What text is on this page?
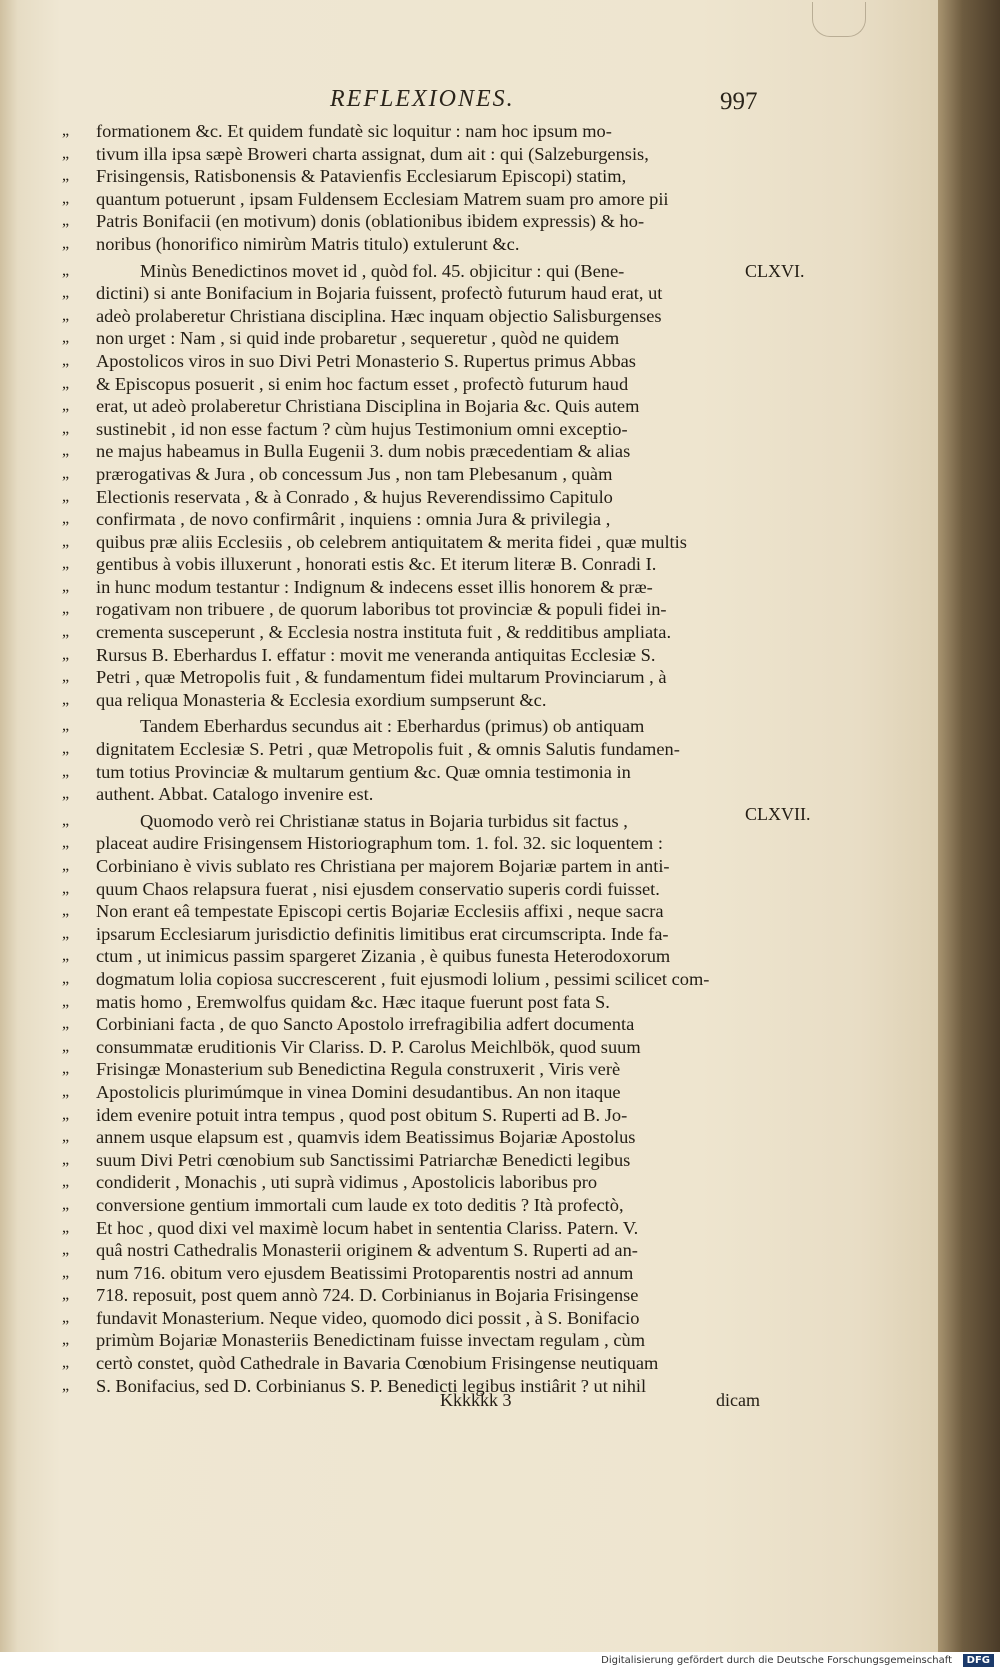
REFLEXIONES.	997
CLXVI.
CLXVII.
„	formationem &c. Et quidem fundatè sic loquitur : nam hoc ipsum mo-
„	tivum illa ipsa sæpè Broweri charta assignat, dum ait : qui (Salzeburgensis,
„	Frisingensis, Ratisbonensis & Patavienfis Ecclesiarum Episcopi) statim,
„	quantum potuerunt , ipsam Fuldensem Ecclesiam Matrem suam pro amore pii
„	Patris Bonifacii (en motivum) donis (oblationibus ibidem expressis) & ho-
„	noribus (honorifico nimirùm Matris titulo) extulerunt &c.
„	Minùs Benedictinos movet id , quòd fol. 45. objicitur : qui (Bene-
„	dictini) si ante Bonifacium in Bojaria fuissent, profectò futurum haud erat, ut
„	adeò prolaberetur Christiana disciplina. Hæc inquam objectio Salisburgenses
„	non urget : Nam , si quid inde probaretur , sequeretur , quòd ne quidem
„	Apostolicos viros in suo Divi Petri Monasterio S. Rupertus primus Abbas
„	& Episcopus posuerit , si enim hoc factum esset , profectò futurum haud
„	erat, ut adeò prolaberetur Christiana Disciplina in Bojaria &c. Quis autem
„	sustinebit , id non esse factum ? cùm hujus Testimonium omni exceptio-
„	ne majus habeamus in Bulla Eugenii 3. dum nobis præcedentiam & alias
„	prærogativas & Jura , ob concessum Jus , non tam Plebesanum , quàm
„	Electionis reservata , & à Conrado , & hujus Reverendissimo Capitulo
„	confirmata , de novo confirmârit , inquiens : omnia Jura & privilegia ,
„	quibus præ aliis Ecclesiis , ob celebrem antiquitatem & merita fidei , quæ multis
„	gentibus à vobis illuxerunt , honorati estis &c. Et iterum literæ B. Conradi I.
„	in hunc modum testantur : Indignum & indecens esset illis honorem & præ-
„	rogativam non tribuere , de quorum laboribus tot provinciæ & populi fidei in-
„	crementa susceperunt , & Ecclesia nostra instituta fuit , & redditibus ampliata.
„	Rursus B. Eberhardus I. effatur : movit me veneranda antiquitas Ecclesiæ S.
„	Petri , quæ Metropolis fuit , & fundamentum fidei multarum Provinciarum , à
„	qua reliqua Monasteria & Ecclesia exordium sumpserunt &c.
„	Tandem Eberhardus secundus ait : Eberhardus (primus) ob antiquam
„	dignitatem Ecclesiæ S. Petri , quæ Metropolis fuit , & omnis Salutis fundamen-
„	tum totius Provinciæ & multarum gentium &c. Quæ omnia testimonia in
„	authent. Abbat. Catalogo invenire est.
„	Quomodo verò rei Christianæ status in Bojaria turbidus sit factus ,
„	placeat audire Frisingensem Historiographum tom. 1. fol. 32. sic loquentem :
„	Corbiniano è vivis sublato res Christiana per majorem Bojariæ partem in anti-
„	quum Chaos relapsura fuerat , nisi ejusdem conservatio superis cordi fuisset.
„	Non erant eâ tempestate Episcopi certis Bojariæ Ecclesiis affixi , neque sacra
„	ipsarum Ecclesiarum jurisdictio definitis limitibus erat circumscripta. Inde fa-
„	ctum , ut inimicus passim spargeret Zizania , è quibus funesta Heterodoxorum
„	dogmatum lolia copiosa succrescerent , fuit ejusmodi lolium , pessimi scilicet com-
„	matis homo , Eremwolfus quidam &c. Hæc itaque fuerunt post fata S.
„	Corbiniani facta , de quo Sancto Apostolo irrefragibilia adfert documenta
„	consummatæ eruditionis Vir Clariss. D. P. Carolus Meichlbök, quod suum
„	Frisingæ Monasterium sub Benedictina Regula construxerit , Viris verè
„	Apostolicis plurimúmque in vinea Domini desudantibus. An non itaque
„	idem evenire potuit intra tempus , quod post obitum S. Ruperti ad B. Jo-
„	annem usque elapsum est , quamvis idem Beatissimus Bojariæ Apostolus
„	suum Divi Petri cœnobium sub Sanctissimi Patriarchæ Benedicti legibus
„	condiderit , Monachis , uti suprà vidimus , Apostolicis laboribus pro
„	conversione gentium immortali cum laude ex toto deditis ? Ità profectò,
„	Et hoc , quod dixi vel maximè locum habet in sententia Clariss. Patern. V.
„	quâ nostri Cathedralis Monasterii originem & adventum S. Ruperti ad an-
„	num 716. obitum vero ejusdem Beatissimi Protoparentis nostri ad annum
„	718. reposuit, post quem annò 724. D. Corbinianus in Bojaria Frisingense
„	fundavit Monasterium. Neque video, quomodo dici possit , à S. Bonifacio
„	primùm Bojariæ Monasteriis Benedictinam fuisse invectam regulam , cùm
„	certò constet, quòd Cathedrale in Bavaria Cœnobium Frisingense neutiquam
„	S. Bonifacius, sed D. Corbinianus S. P. Benedicti legibus instiârit ? ut nihil
Kkkkkk 3	dicam
Digitalisierung gefördert durch die Deutsche Forschungsgemeinschaft	DFG
